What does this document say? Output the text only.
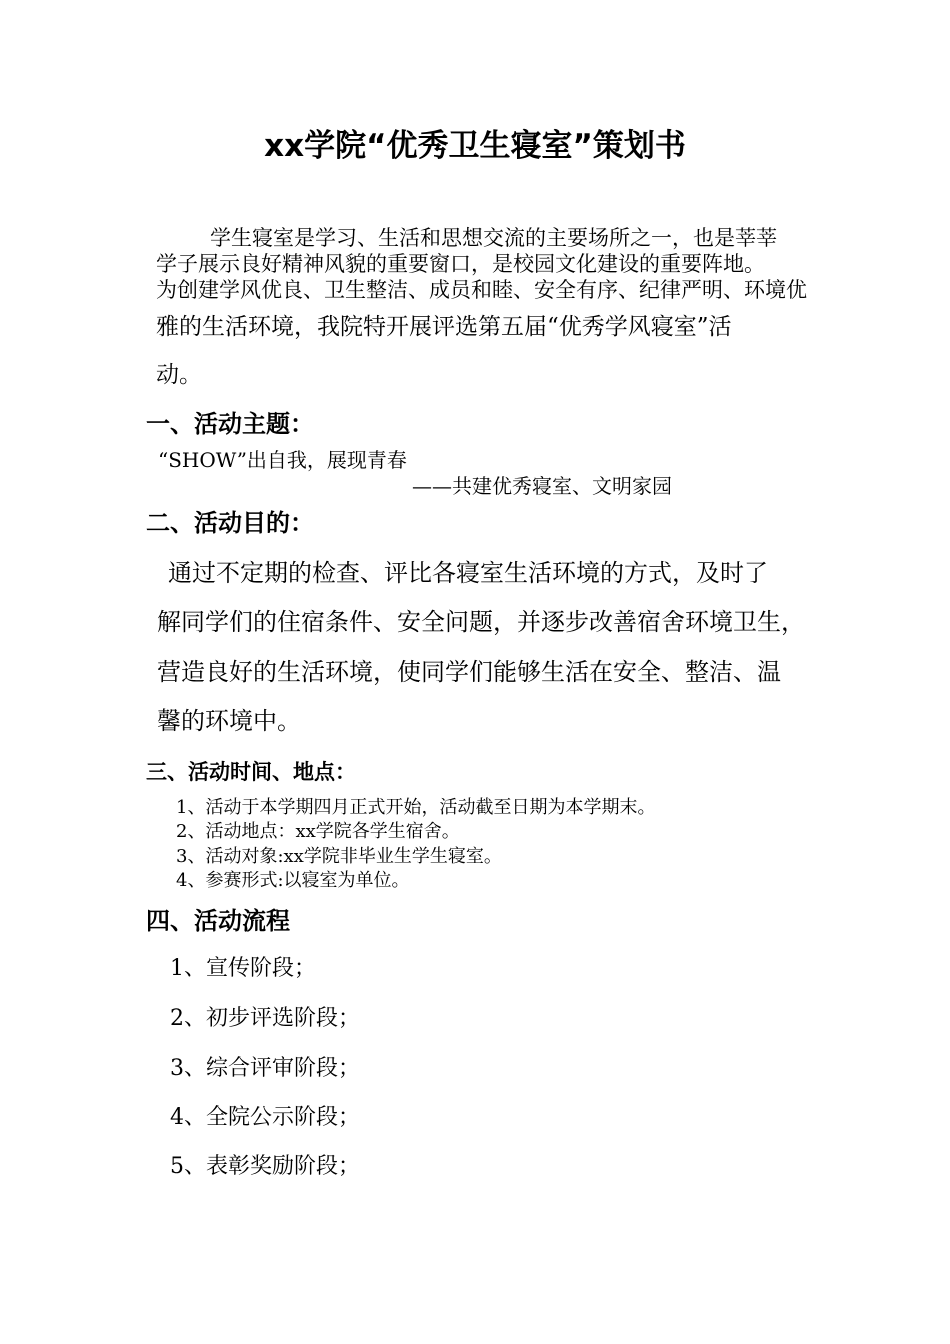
xx学院“优秀卫生寝室”策划书

学生寝室是学习、生活和思想交流的主要场所之一，也是莘莘

学子展示良好精神风貌的重要窗口，是校园文化建设的重要阵地。

为创建学风优良、卫生整洁、成员和睦、安全有序、纪律严明、环境优

雅的生活环境，我院特开展评选第五届“优秀学风寝室”活

动。

一、活动主题：

“SHOW”出自我，展现青春

——共建优秀寝室、文明家园

二、活动目的：

通过不定期的检查、评比各寝室生活环境的方式，及时了

解同学们的住宿条件、安全问题，并逐步改善宿舍环境卫生，

营造良好的生活环境，使同学们能够生活在安全、整洁、温

馨的环境中。

三、活动时间、地点：

1、活动于本学期四月正式开始，活动截至日期为本学期末。

2、活动地点：xx学院各学生宿舍。

3、活动对象:xx学院非毕业生学生寝室。

4、参赛形式:以寝室为单位。

四、活动流程

1、宣传阶段；

2、初步评选阶段；

3、综合评审阶段；

4、全院公示阶段；

5、表彰奖励阶段；
